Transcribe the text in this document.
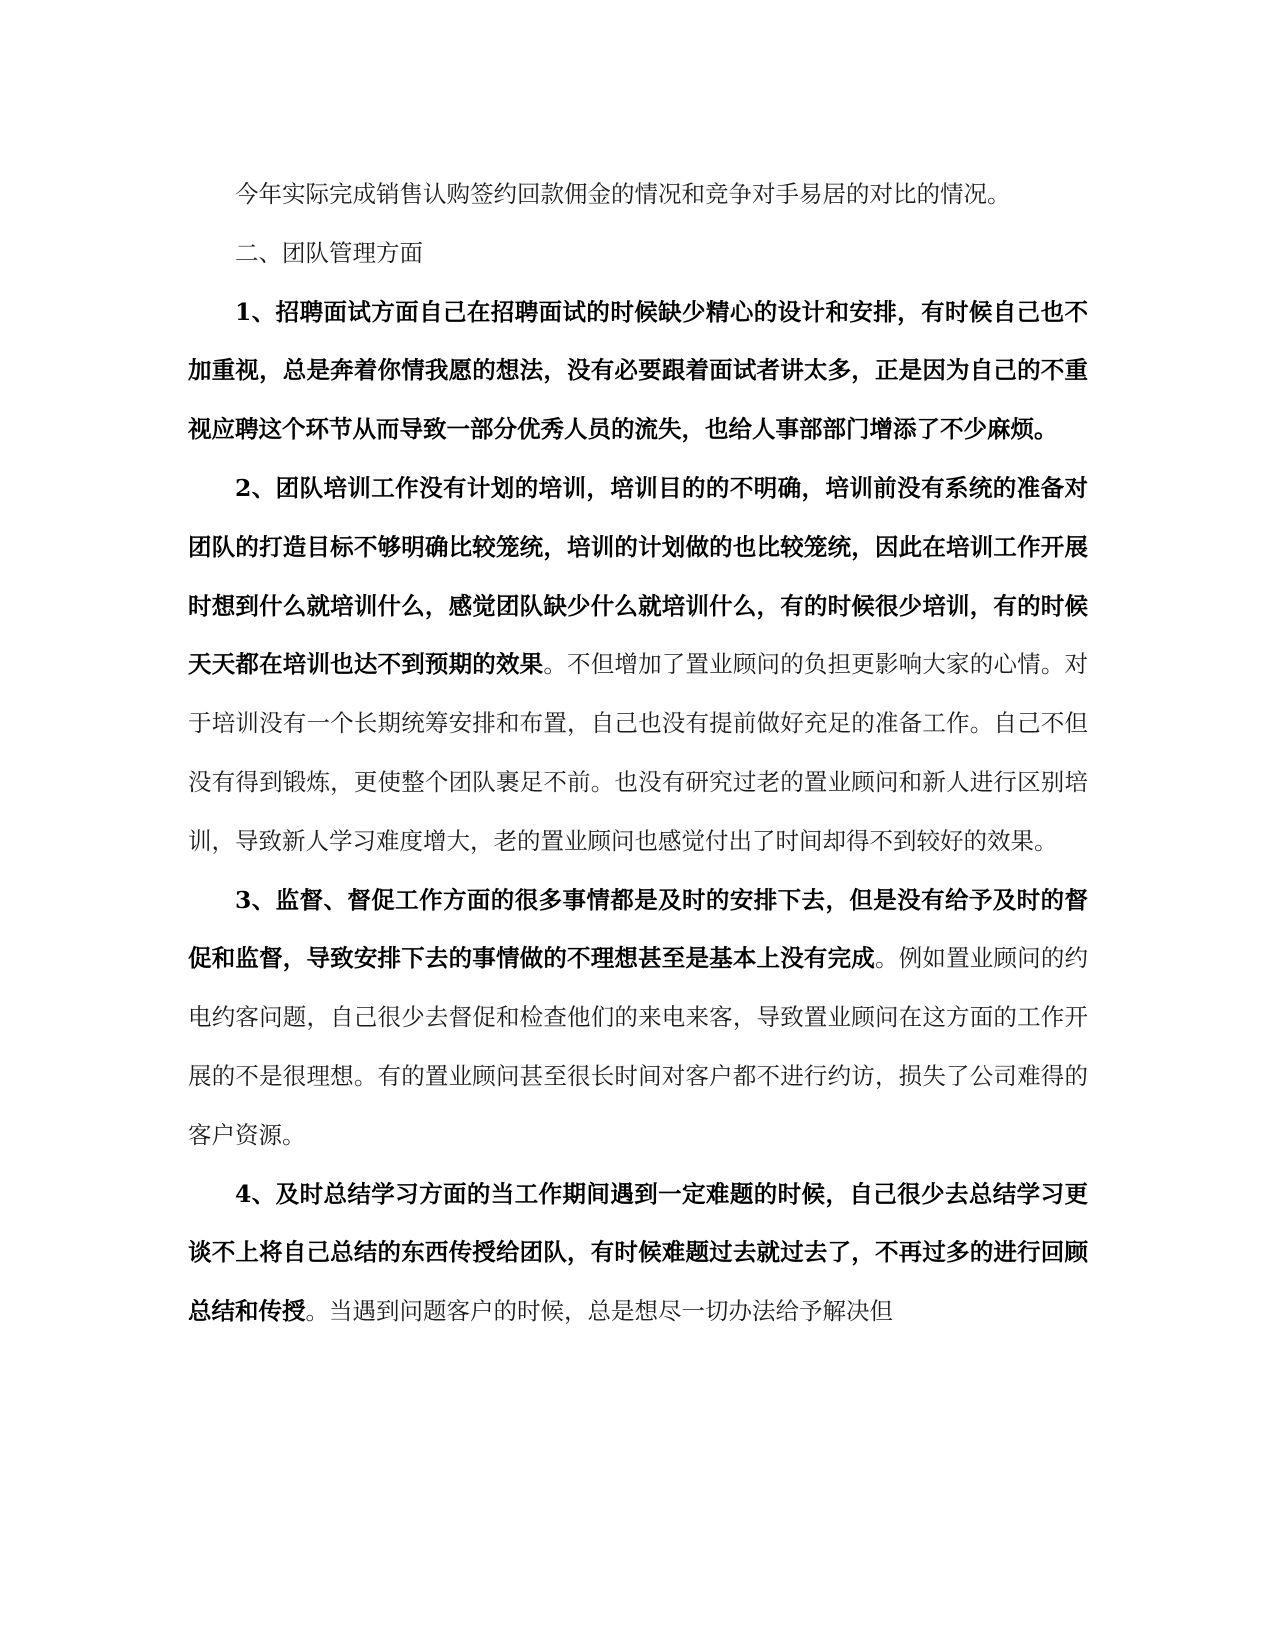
今年实际完成销售认购签约回款佣金的情况和竞争对手易居的对比的情况。

二、团队管理方面

1、招聘面试方面自己在招聘面试的时候缺少精心的设计和安排，有时候自己也不加重视，总是奔着你情我愿的想法，没有必要跟着面试者讲太多，正是因为自己的不重视应聘这个环节从而导致一部分优秀人员的流失，也给人事部部门增添了不少麻烦。

2、团队培训工作没有计划的培训，培训目的的不明确，培训前没有系统的准备对团队的打造目标不够明确比较笼统，培训的计划做的也比较笼统，因此在培训工作开展时想到什么就培训什么，感觉团队缺少什么就培训什么，有的时候很少培训，有的时候天天都在培训也达不到预期的效果。不但增加了置业顾问的负担更影响大家的心情。对于培训没有一个长期统筹安排和布置，自己也没有提前做好充足的准备工作。自己不但没有得到锻炼，更使整个团队裹足不前。也没有研究过老的置业顾问和新人进行区别培训，导致新人学习难度增大，老的置业顾问也感觉付出了时间却得不到较好的效果。

3、监督、督促工作方面的很多事情都是及时的安排下去，但是没有给予及时的督促和监督，导致安排下去的事情做的不理想甚至是基本上没有完成。例如置业顾问的约电约客问题，自己很少去督促和检查他们的来电来客，导致置业顾问在这方面的工作开展的不是很理想。有的置业顾问甚至很长时间对客户都不进行约访，损失了公司难得的客户资源。

4、及时总结学习方面的当工作期间遇到一定难题的时候，自己很少去总结学习更谈不上将自己总结的东西传授给团队，有时候难题过去就过去了，不再过多的进行回顾总结和传授。当遇到问题客户的时候，总是想尽一切办法给予解决但
